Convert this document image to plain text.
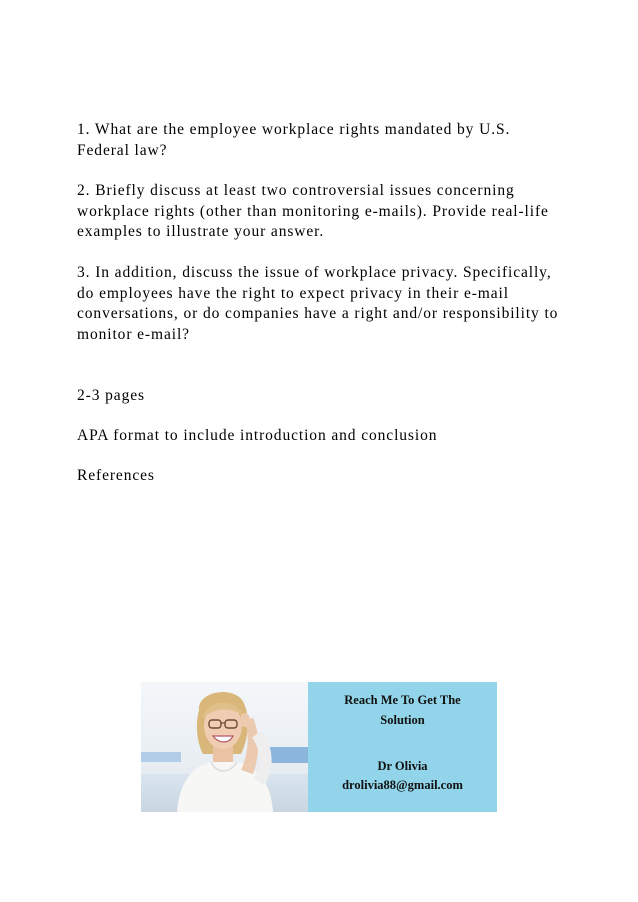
1. What are the employee workplace rights mandated by U.S. Federal law?

2. Briefly discuss at least two controversial issues concerning workplace rights (other than monitoring e-mails). Provide real-life examples to illustrate your answer.

3. In addition, discuss the issue of workplace privacy. Specifically, do employees have the right to expect privacy in their e-mail conversations, or do companies have a right and/or responsibility to monitor e-mail?

2-3 pages

APA format to include introduction and conclusion

References

Reach Me To Get The
Solution
Dr Olivia
drolivia88@gmail.com
